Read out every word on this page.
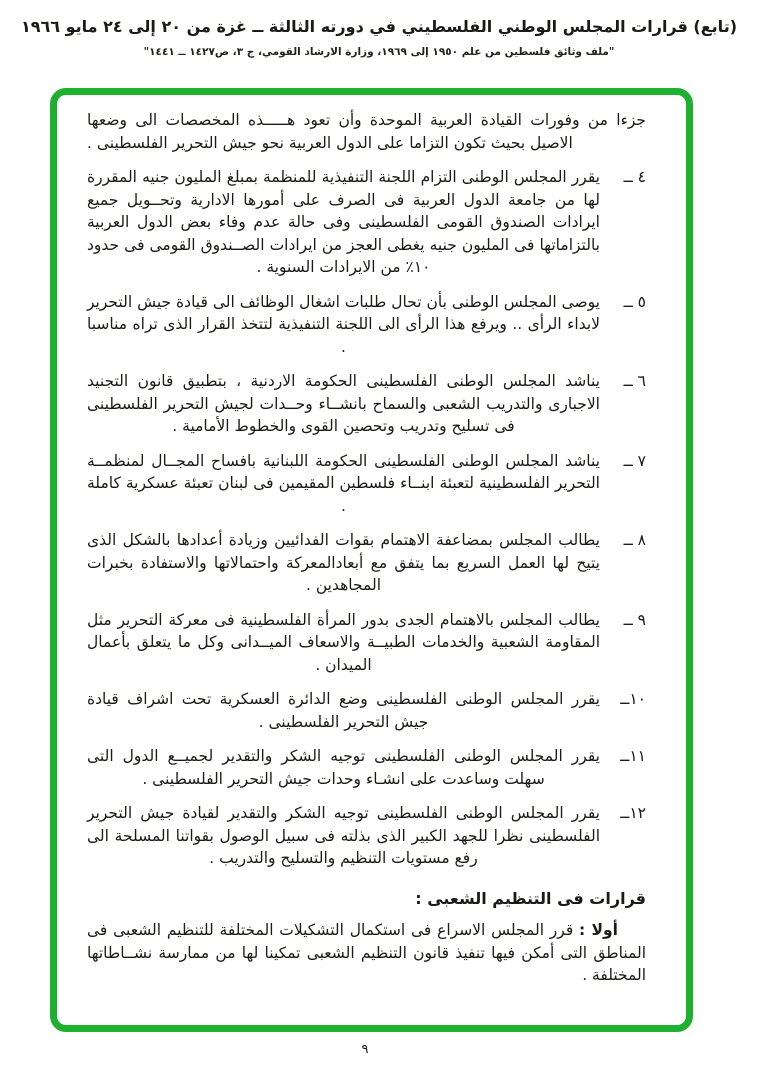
(تابع) قرارات المجلس الوطني الفلسطيني في دورته الثالثة ــ غزة من ٢٠ إلى ٢٤ مايو ١٩٦٦
"ملف وثائق فلسطين من علم ١٩٥٠ إلى ١٩٦٩، وزارة الارشاد القومي، ج ٣، ص١٤٢٧ ــ ١٤٤١"

جزءا من وفورات القيادة العربية الموحدة وأن تعود هـــــذه المخصصات الى وضعها الاصيل بحيث تكون التزاما على الدول العربية نحو جيش التحرير الفلسطينى .

٤ ــ
يقرر المجلس الوطنى التزام اللجنة التنفيذية للمنظمة بمبلغ المليون جنيه المقررة لها من جامعة الدول العربية فى الصرف على أمورها الادارية وتحــويل جميع ايرادات الصندوق القومى الفلسطينى وفى حالة عدم وفاء بعض الدول العربية بالتزاماتها فى المليون جنيه يغطى العجز من ايرادات الصــندوق القومى فى حدود ١٠٪ من الايرادات السنوية .
٥ ــ
يوصى المجلس الوطنى بأن تحال طلبات اشغال الوظائف الى قيادة جيش التحرير لابداء الرأى .. ويرفع هذا الرأى الى اللجنة التنفيذية لتتخذ القرار الذى تراه مناسبا .
٦ ــ
يناشد المجلس الوطنى الفلسطينى الحكومة الاردنية ، بتطبيق قانون التجنيد الاجبارى والتدريب الشعبى والسماح بانشــاء وحــدات لجيش التحرير الفلسطينى فى تسليح وتدريب وتحصين القوى والخطوط الأمامية .
٧ ــ
يناشد المجلس الوطنى الفلسطينى الحكومة اللبنانية بافساح المجــال لمنظمــة التحرير الفلسطينية لتعبئة ابنــاء فلسطين المقيمين فى لبنان تعبئة عسكرية كاملة .
٨ ــ
يطالب المجلس بمضاعفة الاهتمام بقوات الفدائيين وزيادة أعدادها بالشكل الذى يتيح لها العمل السريع بما يتفق مع أبعادالمعركة واحتمالاتها والاستفادة بخبرات المجاهدين .
٩ ــ
يطالب المجلس بالاهتمام الجدى بدور المرأة الفلسطينية فى معركة التحرير مثل المقاومة الشعبية والخدمات الطبيــة والاسعاف الميــدانى وكل ما يتعلق بأعمال الميدان .
١٠ــ
يقرر المجلس الوطنى الفلسطينى وضع الدائرة العسكرية تحت اشراف قيادة جيش التحرير الفلسطينى .
١١ــ
يقرر المجلس الوطنى الفلسطينى توجيه الشكر والتقدير لجميــع الدول التى سهلت وساعدت على انشـاء وحدات جيش التحرير الفلسطينى .
١٢ــ
يقرر المجلس الوطنى الفلسطينى توجيه الشكر والتقدير لقيادة جيش التحرير الفلسطينى نظرا للجهد الكبير الذى بذلته فى سبيل الوصول بقواتنا المسلحة الى رفع مستويات التنظيم والتسليح والتدريب .
قرارات فى التنظيم الشعبى :

أولا : قرر المجلس الاسراع فى استكمال التشكيلات المختلفة للتنظيم الشعبى فى المناطق التى أمكن فيها تنفيذ قانون التنظيم الشعبى تمكينا لها من ممارسة نشــاطاتها المختلفة .

٩
